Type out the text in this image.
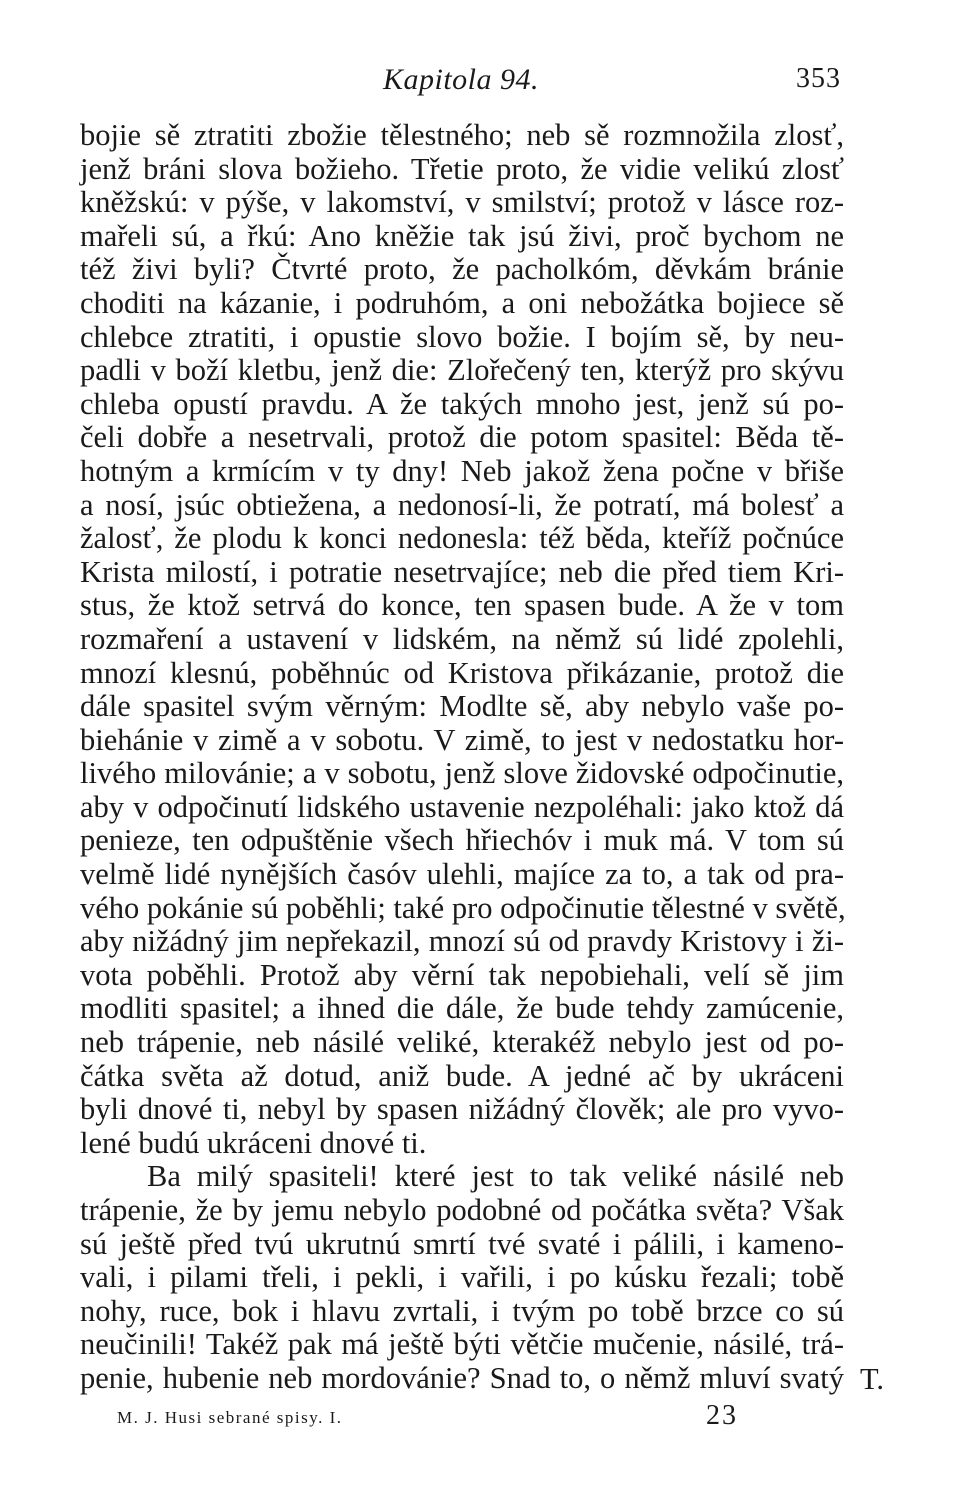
Kapitola 94.	353
bojie sě ztratiti zbožie tělestného; neb sě rozmnožila zlosť,
jenž bráni slova božieho. Třetie proto, že vidie velikú zlosť
kněžskú: v pýše, v lakomství, v smilství; protož v lásce roz-
mařeli sú, a řkú: Ano kněžie tak jsú živi, proč bychom ne
též živi byli? Čtvrté proto, že pacholkóm, děvkám bránie
choditi na kázanie, i podruhóm, a oni nebožátka bojiece sě
chlebce ztratiti, i opustie slovo božie. I bojím sě, by neu-
padli v boží kletbu, jenž die: Zlořečený ten, kterýž pro skývu
chleba opustí pravdu. A že takých mnoho jest, jenž sú po-
čeli dobře a nesetrvali, protož die potom spasitel: Běda tě-
hotným a krmícím v ty dny! Neb jakož žena počne v břiše
a nosí, jsúc obtiežena, a nedonosí-li, že potratí, má bolesť a
žalosť, že plodu k konci nedonesla: též běda, kteříž počnúce
Krista milostí, i potratie nesetrvajíce; neb die před tiem Kri-
stus, že ktož setrvá do konce, ten spasen bude. A že v tom
rozmaření a ustavení v lidském, na němž sú lidé zpolehli,
mnozí klesnú, poběhnúc od Kristova přikázanie, protož die
dále spasitel svým věrným: Modlte sě, aby nebylo vaše po-
biehánie v zimě a v sobotu. V zimě, to jest v nedostatku hor-
livého milovánie; a v sobotu, jenž slove židovské odpočinutie,
aby v odpočinutí lidského ustavenie nezpoléhali: jako ktož dá
penieze, ten odpuštěnie všech hřiechóv i muk má. V tom sú
velmě lidé nynějších časóv ulehli, majíce za to, a tak od pra-
vého pokánie sú poběhli; také pro odpočinutie tělestné v světě,
aby nižádný jim nepřekazil, mnozí sú od pravdy Kristovy i ži-
vota poběhli. Protož aby věrní tak nepobiehali, velí sě jim
modliti spasitel; a ihned die dále, že bude tehdy zamúcenie,
neb trápenie, neb násilé veliké, kterakéž nebylo jest od po-
čátka světa až dotud, aniž bude. A jedné ač by ukráceni
byli dnové ti, nebyl by spasen nižádný člověk; ale pro vyvo-
lené budú ukráceni dnové ti.
Ba milý spasiteli! které jest to tak veliké násilé neb
trápenie, že by jemu nebylo podobné od počátka světa? Však
sú ještě před tvú ukrutnú smrtí tvé svaté i pálili, i kameno-
vali, i pilami třeli, i pekli, i vařili, i po kúsku řezali; tobě
nohy, ruce, bok i hlavu zvrtali, i tvým po tobě brzce co sú
neučinili! Takéž pak má ještě býti větčie mučenie, násilé, trá-
penie, hubenie neb mordovánie? Snad to, o němž mluví svatý T.
M. J. Husi sebrané spisy. I.	23
